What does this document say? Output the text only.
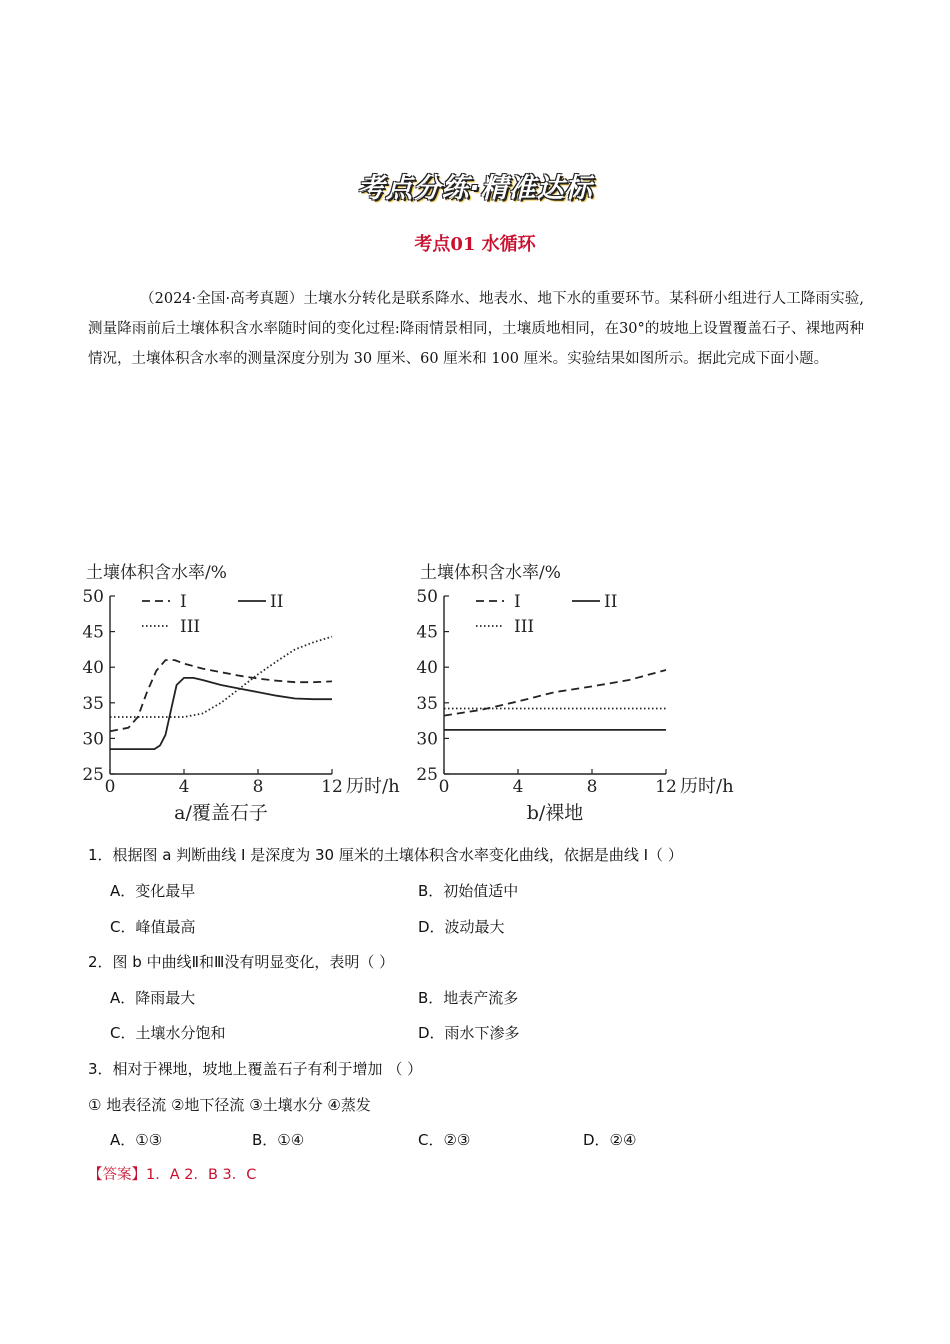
考点分练·精准达标
考点01 水循环
（2024·全国·高考真题）土壤水分转化是联系降水、地表水、地下水的重要环节。某科研小组进行人工降雨实验,测量降雨前后土壤体积含水率随时间的变化过程:降雨情景相同，土壤质地相同，在30°的坡地上设置覆盖石子、裸地两种情况，土壤体积含水率的测量深度分别为 30 厘米、60 厘米和 100 厘米。实验结果如图所示。据此完成下面小题。
土壤体积含水率/%
25
30
35
40
45
50
0	4	8	12 历时/h
a/覆盖石子
I	II
III
土壤体积含水率/%
25
30
35
40
45
50
0	4	8	12 历时/h
b/裸地
I	II
III
1．根据图 a 判断曲线 I 是深度为 30 厘米的土壤体积含水率变化曲线，依据是曲线 I（ ）
A．变化最早	B．初始值适中
C．峰值最高	D．波动最大
2．图 b 中曲线Ⅱ和Ⅲ没有明显变化，表明（ ）
A．降雨最大	B．地表产流多
C．土壤水分饱和	D．雨水下渗多
3．相对于裸地，坡地上覆盖石子有利于增加 （ ）
① 地表径流 ②地下径流 ③土壤水分 ④蒸发
A．①③	B．①④	C．②③	D．②④
【答案】1．A 2．B 3．C
